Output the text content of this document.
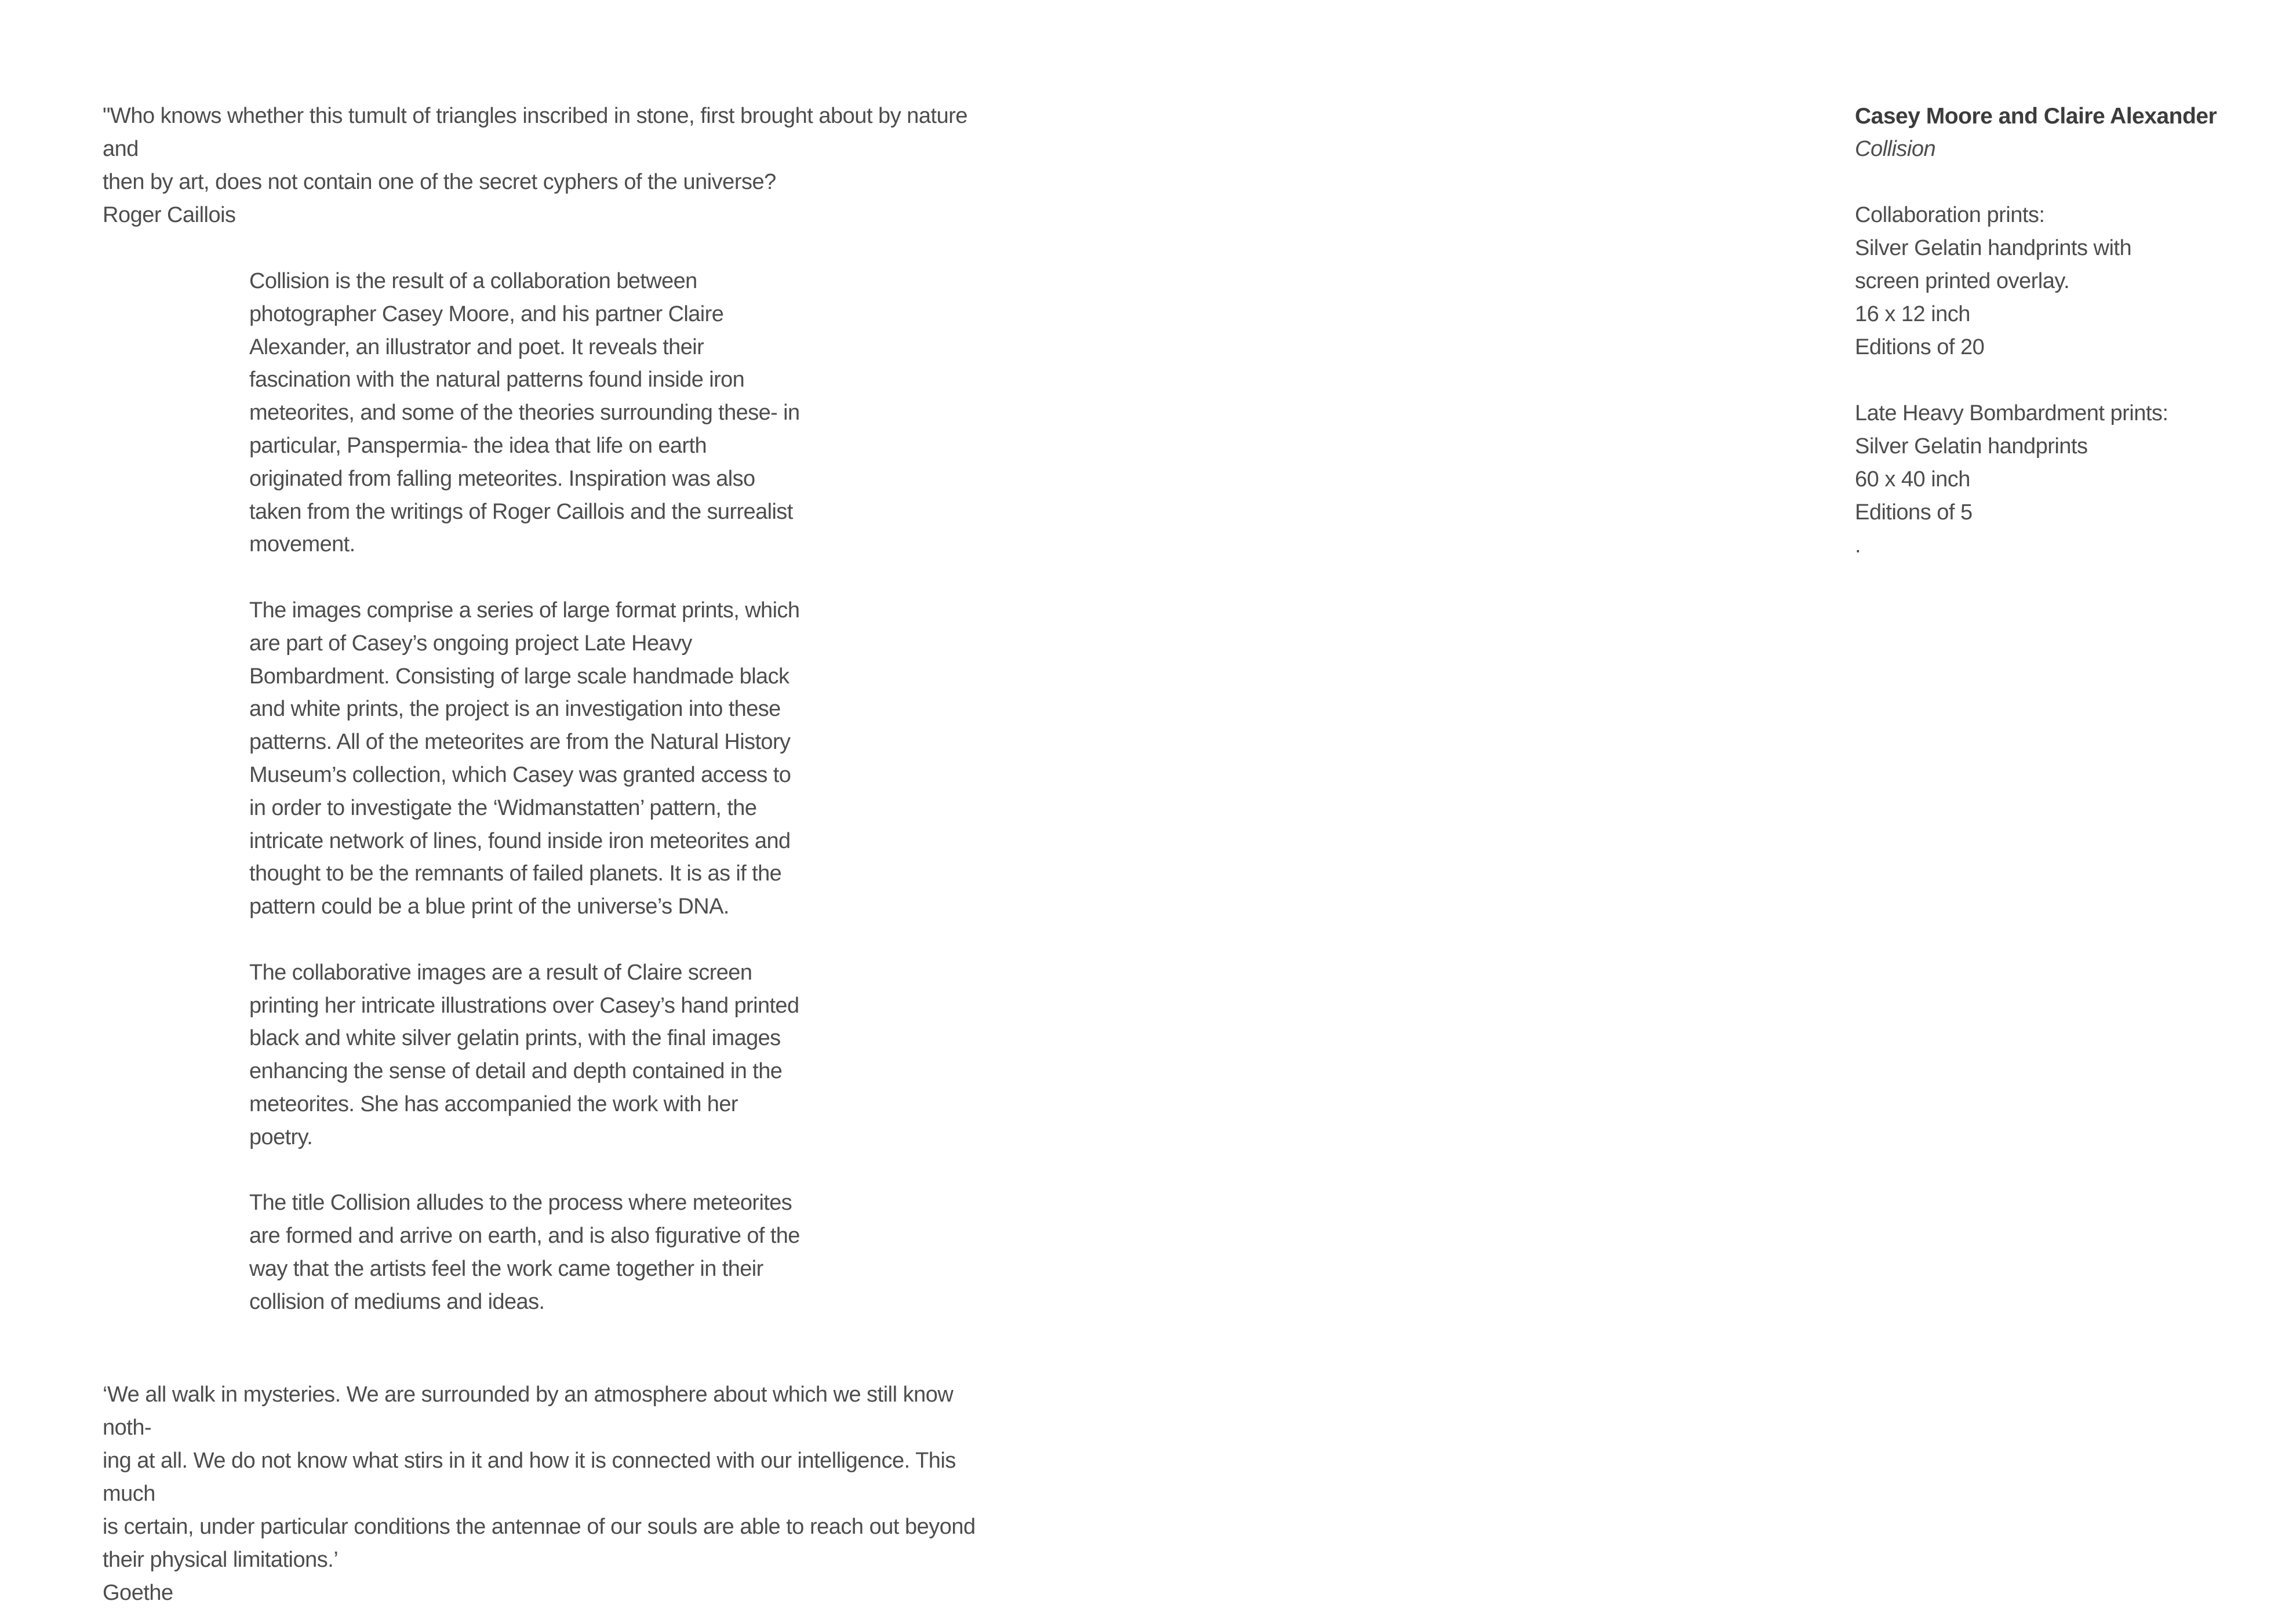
"Who knows whether this tumult of triangles inscribed in stone, first brought about by nature and

then by art, does not contain one of the secret cyphers of the universe?

Roger Caillois

Collision is the result of a collaboration between photographer Casey Moore, and his partner Claire Alexander, an illustrator and poet. It reveals their fascination with the natural patterns found inside iron meteorites, and some of the theories surrounding these- in particular, Panspermia- the idea that life on earth originated from falling meteorites. Inspiration was also taken from the writings of Roger Caillois and the surrealist movement.

The images comprise a series of large format prints, which are part of Casey’s ongoing project Late Heavy Bombardment. Consisting of large scale handmade black and white prints, the project is an investigation into these patterns. All of the meteorites are from the Natural History Museum’s collection, which Casey was granted access to in order to investigate the ‘Widmanstatten’ pattern, the intricate network of lines, found inside iron meteorites and thought to be the remnants of failed planets. It is as if the pattern could be a blue print of the universe’s DNA.

The collaborative images are a result of Claire screen printing her intricate illustrations over Casey’s hand printed black and white silver gelatin prints, with the final images enhancing the sense of detail and depth contained in the meteorites. She has accompanied the work with her poetry.

The title Collision alludes to the process where meteorites are formed and arrive on earth, and is also figurative of the way that the artists feel the work came together in their collision of mediums and ideas.

‘We all walk in mysteries. We are surrounded by an atmosphere about which we still know noth-

ing at all. We do not know what stirs in it and how it is connected with our intelligence. This much

is certain, under particular conditions the antennae of our souls are able to reach out beyond

their physical limitations.’

Goethe

Casey Moore and Claire Alexander
Collision
Collaboration prints:
Silver Gelatin handprints with
screen printed overlay.
16 x 12 inch
Editions of 20
Late Heavy Bombardment prints:
Silver Gelatin handprints
60 x 40 inch
Editions of 5
.
